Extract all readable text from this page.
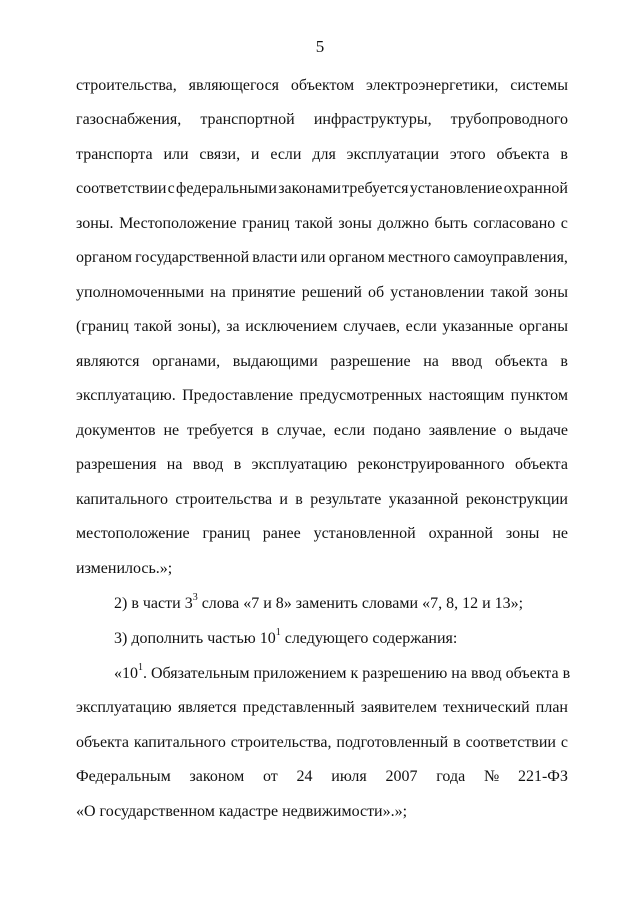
5
строительства, являющегося объектом электроэнергетики, системы
газоснабжения, транспортной инфраструктуры, трубопроводного
транспорта или связи, и если для эксплуатации этого объекта в
соответствии с федеральными законами требуется установление охранной
зоны. Местоположение границ такой зоны должно быть согласовано с
органом государственной власти или органом местного самоуправления,
уполномоченными на принятие решений об установлении такой зоны
(границ такой зоны), за исключением случаев, если указанные органы
являются органами, выдающими разрешение на ввод объекта в
эксплуатацию. Предоставление предусмотренных настоящим пунктом
документов не требуется в случае, если подано заявление о выдаче
разрешения на ввод в эксплуатацию реконструированного объекта
капитального строительства и в результате указанной реконструкции
местоположение границ ранее установленной охранной зоны не
изменилось.»;
2) в части $3^3$ слова «7 и 8» заменить словами «7, 8, 12 и 13»;
3) дополнить частью $10^1$ следующего содержания:
«$10^1$. Обязательным приложением к разрешению на ввод объекта в
эксплуатацию является представленный заявителем технический план
объекта капитального строительства, подготовленный в соответствии с
Федеральным законом от 24 июля 2007 года № 221-ФЗ
«О государственном кадастре недвижимости».»;
